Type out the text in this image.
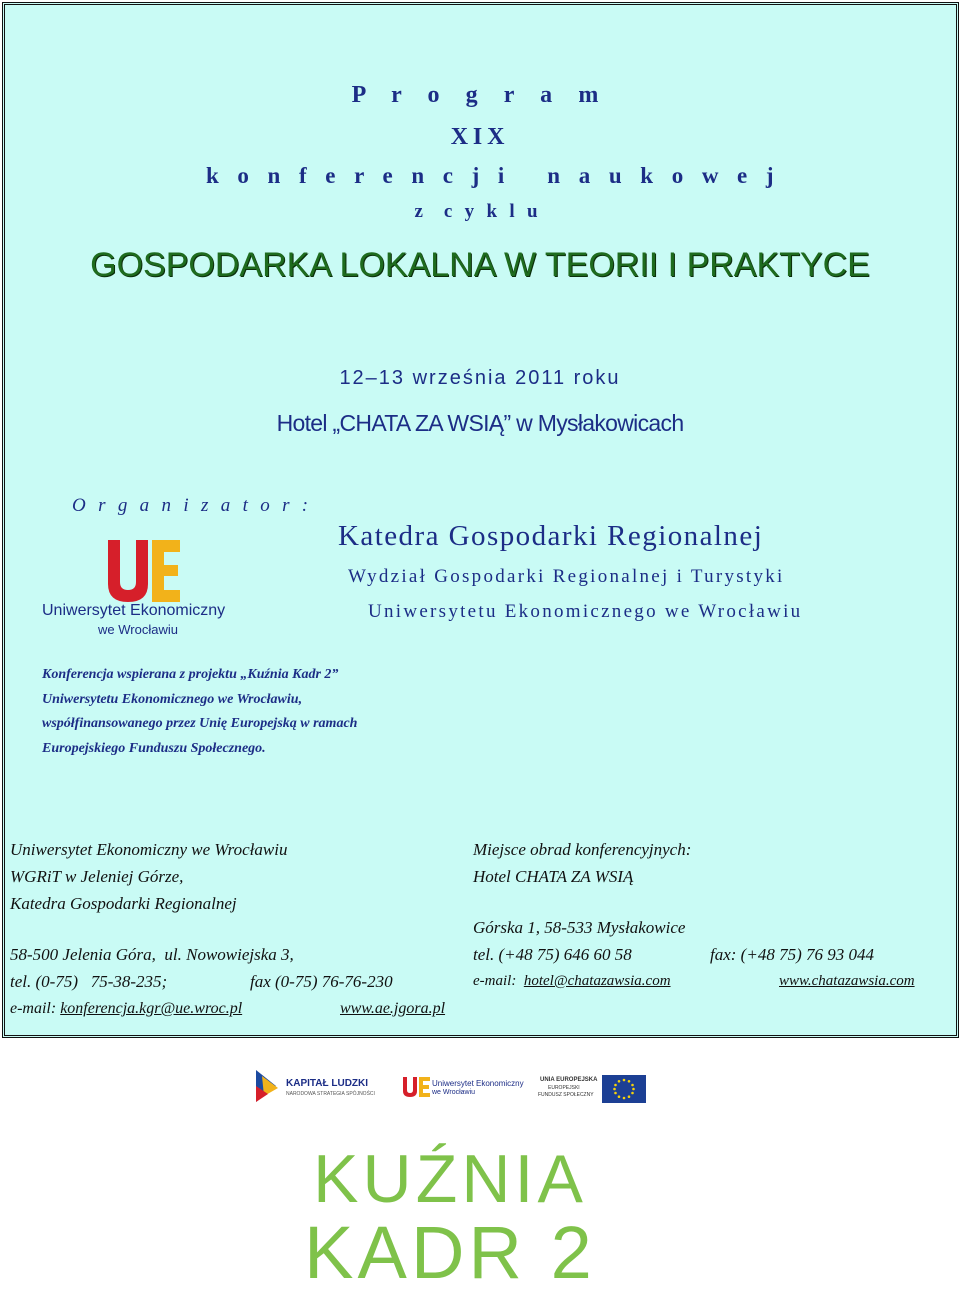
P r o g r a m
XIX
k o n f e r e n c j i   n a u k o w e j
z  c y k l u
GOSPODARKA LOKALNA W TEORII I PRAKTYCE
12–13 września 2011 roku
Hotel „CHATA ZA WSIĄ” w Mysłakowicach
O r g a n i z a t o r :
Uniwersytet Ekonomiczny
we Wrocławiu
Katedra Gospodarki Regionalnej
Wydział Gospodarki Regionalnej i Turystyki
Uniwersytetu Ekonomicznego we Wrocławiu
Konferencja wspierana z projektu „Kuźnia Kadr 2”
Uniwersytetu Ekonomicznego we Wrocławiu,
współfinansowanego przez Unię Europejską w ramach
Europejskiego Funduszu Społecznego.
Uniwersytet Ekonomiczny we Wrocławiu
WGRiT w Jeleniej Górze,
Katedra Gospodarki Regionalnej
58-500 Jelenia Góra,  ul. Nowowiejska 3,
tel. (0-75)   75-38-235;	fax (0-75) 76-76-230
e-mail: konferencja.kgr@ue.wroc.pl	www.ae.jgora.pl
Miejsce obrad konferencyjnych:
Hotel CHATA ZA WSIĄ
Górska 1, 58-533 Mysłakowice
tel. (+48 75) 646 60 58	fax: (+48 75) 76 93 044
e-mail:  hotel@chatazawsia.com	www.chatazawsia.com
KAPITAŁ LUDZKI
NARODOWA STRATEGIA SPÓJNOŚCI
Uniwersytet Ekonomiczny
we Wrocławiu
UNIA EUROPEJSKA
EUROPEJSKI
FUNDUSZ SPOŁECZNY
KUŹNIA
KADR 2
